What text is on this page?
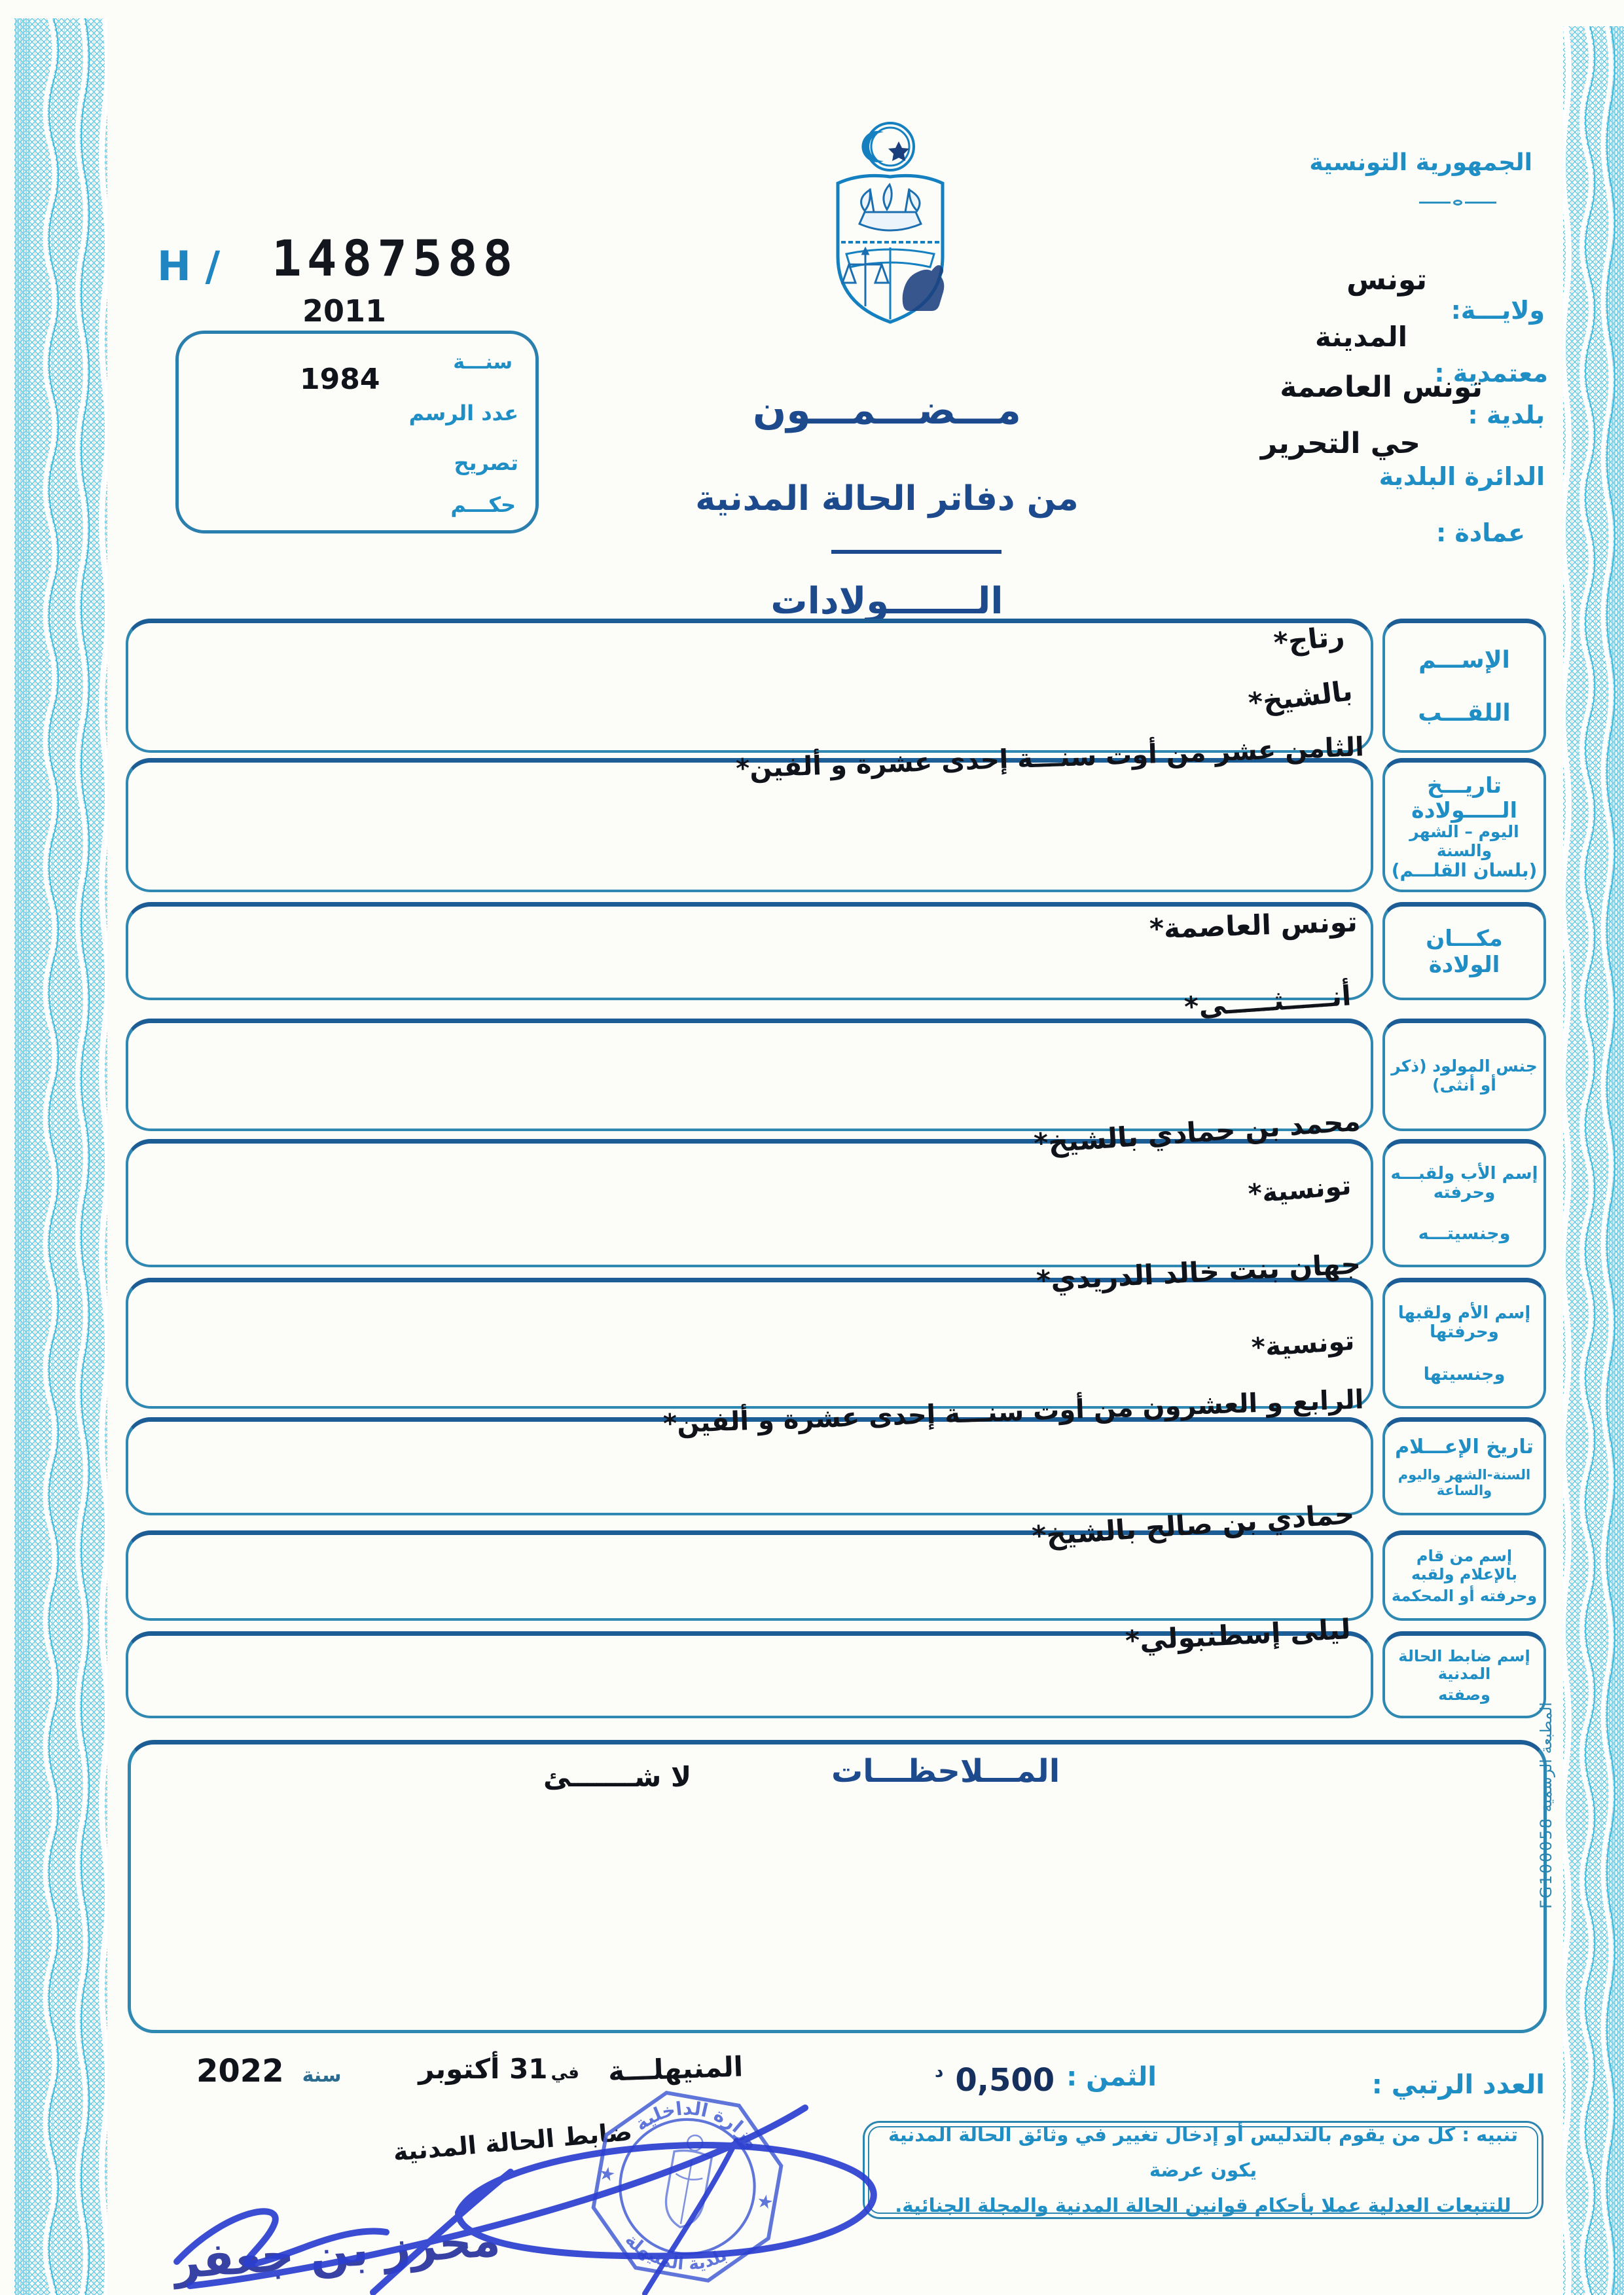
الجمهورية التونسية
H / 1487588
2011
سنـــة
1984
عدد الرسم
تصريح
حكـــم
مـــضـــمـــون
من دفاتر الحالة المدنية
الـــــــولادات
تونس
ولايـــة:
المدينة
معتمدية :
تونس العاصمة
بلدية :
حي التحرير
الدائرة البلدية
عمادة :
رتاج*
بالشيخ*
الإســـم
اللقـــب
الثامن عشر من أوت سنـــة إحدى عشرة و ألفين*
تاريـــخ الـــــولادة
اليوم – الشهر والسنة
(بلسان القلـــم)
تونس العاصمة*	مكـــان الولادة
أنـــــثـــــى*
جنس المولود (ذكر أو أنثى)
محمد بن حمادي بالشيخ*
تونسية* إسم الأب ولقبـــه وحرفته
وجنسيتـــه
جهان بنت خالد الدريدي*
تونسية*
إسم الأم ولقبها وحرفتها
وجنسيتها
الرابع و العشرون من أوت سنـــة إحدى عشرة و ألفين*
تاريخ الإعـــلام
السنة-الشهر واليوم والساعة
حمادي بن صالح بالشيخ*
إسم من قام بالإعلام ولقبه
وحرفته أو المحكمة
ليلى إسطنبولي*	إسم ضابط الحالة المدنية
وصفته
المـــلاحظـــات
لا شـــــــئ
المطبعة الرسمية FG100058
العدد الرتبي :
الثمن :
0,500
د
تنبيه : كل من يقوم بالتدليس أو إدخال تغيير في وثائق الحالة المدنية يكون عرضة
للتتبعات العدلية عملا بأحكام قوانين الحالة المدنية والمجلة الجنائية.
المنيهلـــة
في 31 أكتوبر
سنة
2022
ضابط الحالة المدنية
محرز بن جعفر
وزارة الداخلية
بلدية المنيهلة
★
★
